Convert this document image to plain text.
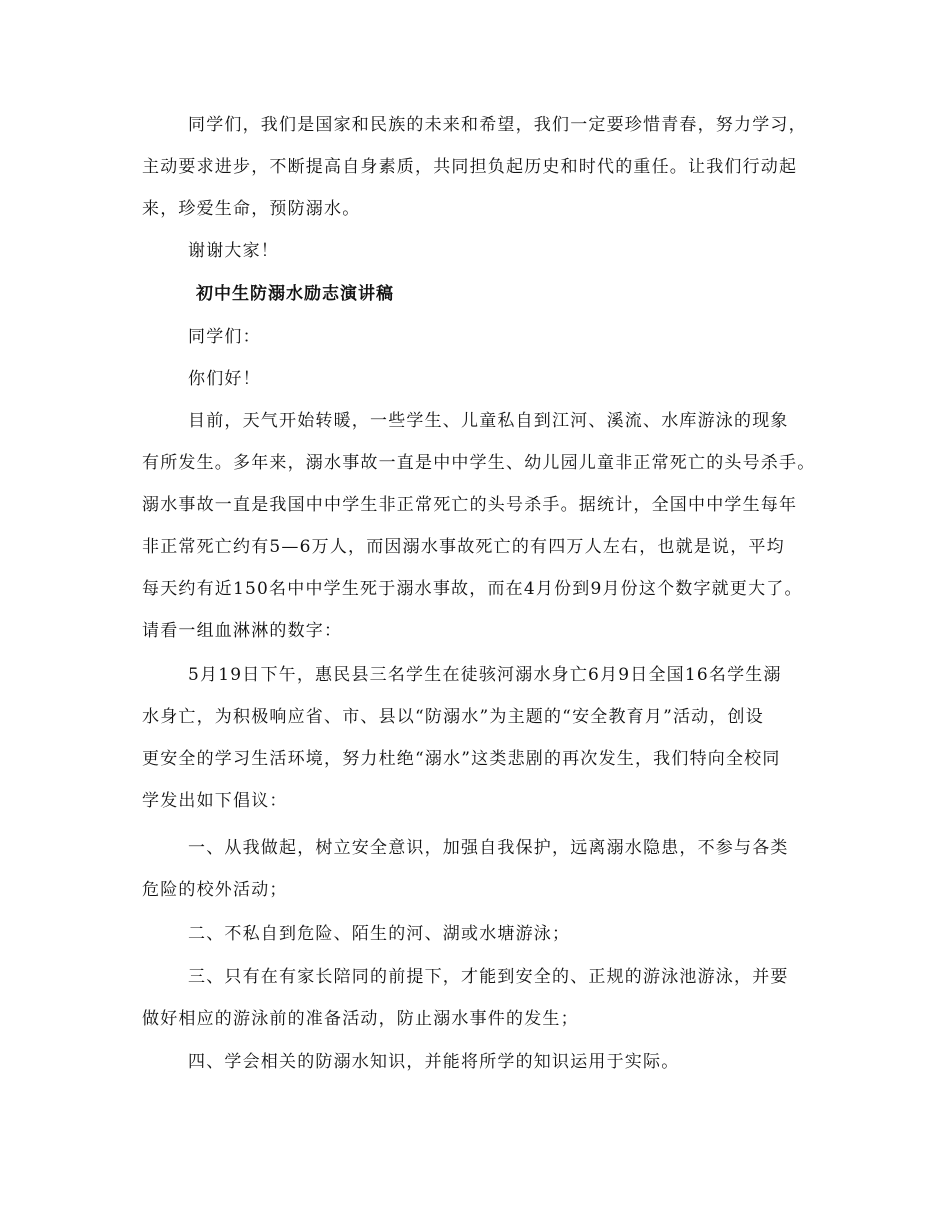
同学们，我们是国家和民族的未来和希望，我们一定要珍惜青春，努力学习，
主动要求进步，不断提高自身素质，共同担负起历史和时代的重任。让我们行动起
来，珍爱生命，预防溺水。
谢谢大家！
初中生防溺水励志演讲稿
同学们：
你们好！
目前，天气开始转暖，一些学生、儿童私自到江河、溪流、水库游泳的现象
有所发生。多年来，溺水事故一直是中中学生、幼儿园儿童非正常死亡的头号杀手。
溺水事故一直是我国中中学生非正常死亡的头号杀手。据统计，全国中中学生每年
非正常死亡约有5—6万人，而因溺水事故死亡的有四万人左右，也就是说，平均
每天约有近150名中中学生死于溺水事故，而在4月份到9月份这个数字就更大了。
请看一组血淋淋的数字：
5月19日下午，惠民县三名学生在徒骇河溺水身亡6月9日全国16名学生溺
水身亡，为积极响应省、市、县以“防溺水”为主题的“安全教育月”活动，创设
更安全的学习生活环境，努力杜绝“溺水”这类悲剧的再次发生，我们特向全校同
学发出如下倡议：
一、从我做起，树立安全意识，加强自我保护，远离溺水隐患，不参与各类
危险的校外活动；
二、不私自到危险、陌生的河、湖或水塘游泳；
三、只有在有家长陪同的前提下，才能到安全的、正规的游泳池游泳，并要
做好相应的游泳前的准备活动，防止溺水事件的发生；
四、学会相关的防溺水知识，并能将所学的知识运用于实际。
